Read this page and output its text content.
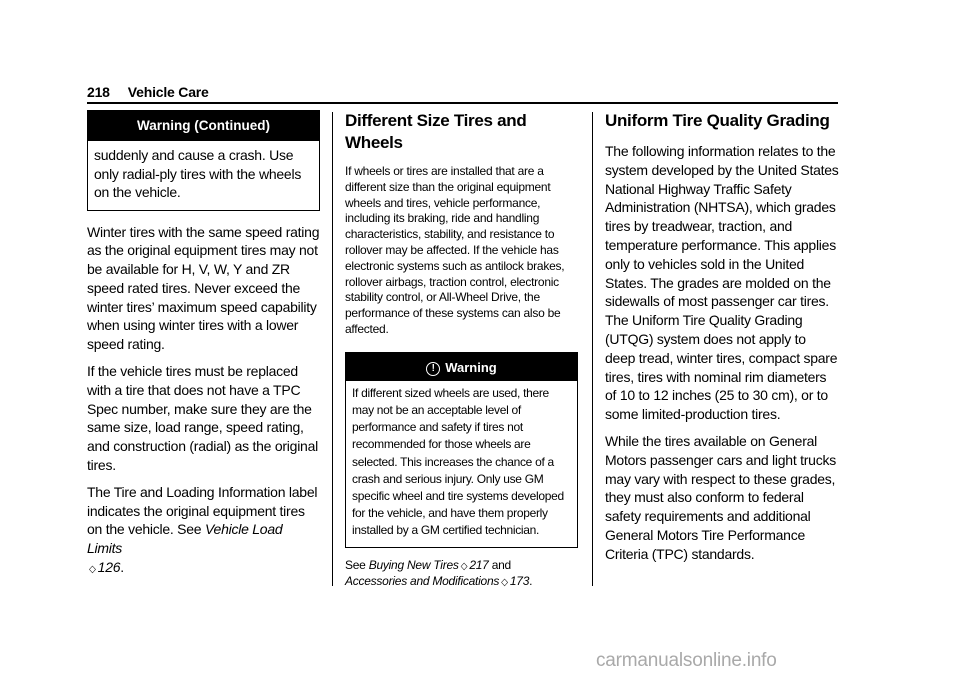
218 Vehicle Care
Warning (Continued)
suddenly and cause a crash. Use only radial-ply tires with the wheels on the vehicle.

Winter tires with the same speed rating as the original equipment tires may not be available for H, V, W, Y and ZR speed rated tires. Never exceed the winter tires’ maximum speed capability when using winter tires with a lower speed rating.

If the vehicle tires must be replaced with a tire that does not have a TPC Spec number, make sure they are the same size, load range, speed rating, and construction (radial) as the original tires.

The Tire and Loading Information label indicates the original equipment tires on the vehicle. See Vehicle Load Limits
◇ 126.

Different Size Tires and Wheels

If wheels or tires are installed that are a different size than the original equipment wheels and tires, vehicle performance, including its braking, ride and handling characteristics, stability, and resistance to rollover may be affected. If the vehicle has electronic systems such as antilock brakes, rollover airbags, traction control, electronic stability control, or All-Wheel Drive, the performance of these systems can also be affected.

! Warning
If different sized wheels are used, there may not be an acceptable level of performance and safety if tires not recommended for those wheels are selected. This increases the chance of a crash and serious injury. Only use GM specific wheel and tire systems developed for the vehicle, and have them properly installed by a GM certified technician.

See Buying New Tires ◇ 217 and
Accessories and Modifications ◇ 173.

Uniform Tire Quality Grading

The following information relates to the system developed by the United States National Highway Traffic Safety Administration (NHTSA), which grades tires by treadwear, traction, and temperature performance. This applies only to vehicles sold in the United States. The grades are molded on the sidewalls of most passenger car tires. The Uniform Tire Quality Grading (UTQG) system does not apply to deep tread, winter tires, compact spare tires, tires with nominal rim diameters of 10 to 12 inches (25 to 30 cm), or to some limited-production tires.

While the tires available on General Motors passenger cars and light trucks may vary with respect to these grades, they must also conform to federal safety requirements and additional General Motors Tire Performance Criteria (TPC) standards.

carmanualsonline.info
